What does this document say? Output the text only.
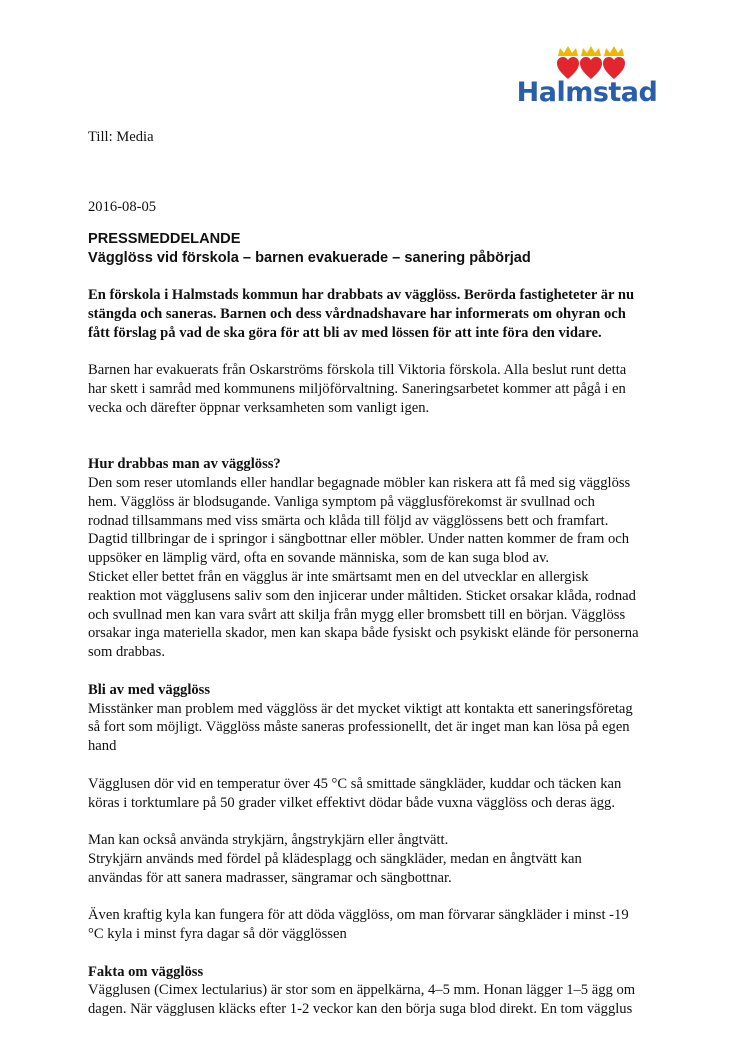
Halmstad

Till: Media

2016-08-05

PRESSMEDDELANDE
Vägglöss vid förskola – barnen evakuerade – sanering påbörjad

En förskola i Halmstads kommun har drabbats av vägglöss. Berörda fastigheteter är nu

stängda och saneras. Barnen och dess vårdnadshavare har informerats om ohyran och

fått förslag på vad de ska göra för att bli av med lössen för att inte föra den vidare.

Barnen har evakuerats från Oskarströms förskola till Viktoria förskola. Alla beslut runt detta

har skett i samråd med kommunens miljöförvaltning. Saneringsarbetet kommer att pågå i en

vecka och därefter öppnar verksamheten som vanligt igen.

Hur drabbas man av vägglöss?

Den som reser utomlands eller handlar begagnade möbler kan riskera att få med sig vägglöss

hem. Vägglöss är blodsugande. Vanliga symptom på vägglusförekomst är svullnad och

rodnad tillsammans med viss smärta och klåda till följd av vägglössens bett och framfart.

Dagtid tillbringar de i springor i sängbottnar eller möbler. Under natten kommer de fram och

uppsöker en lämplig värd, ofta en sovande människa, som de kan suga blod av.

Sticket eller bettet från en vägglus är inte smärtsamt men en del utvecklar en allergisk

reaktion mot vägglusens saliv som den injicerar under måltiden. Sticket orsakar klåda, rodnad

och svullnad men kan vara svårt att skilja från mygg eller bromsbett till en början. Vägglöss

orsakar inga materiella skador, men kan skapa både fysiskt och psykiskt elände för personerna

som drabbas.

Bli av med vägglöss

Misstänker man problem med vägglöss är det mycket viktigt att kontakta ett saneringsföretag

så fort som möjligt. Vägglöss måste saneras professionellt, det är inget man kan lösa på egen

hand

Vägglusen dör vid en temperatur över 45 °C så smittade sängkläder, kuddar och täcken kan

köras i torktumlare på 50 grader vilket effektivt dödar både vuxna vägglöss och deras ägg.

Man kan också använda strykjärn, ångstrykjärn eller ångtvätt.

Strykjärn används med fördel på klädesplagg och sängkläder, medan en ångtvätt kan

användas för att sanera madrasser, sängramar och sängbottnar.

Även kraftig kyla kan fungera för att döda vägglöss, om man förvarar sängkläder i minst -19

°C kyla i minst fyra dagar så dör vägglössen

Fakta om vägglöss

Vägglusen (Cimex lectularius) är stor som en äppelkärna, 4–5 mm. Honan lägger 1–5 ägg om

dagen. När vägglusen kläcks efter 1-2 veckor kan den börja suga blod direkt. En tom vägglus
